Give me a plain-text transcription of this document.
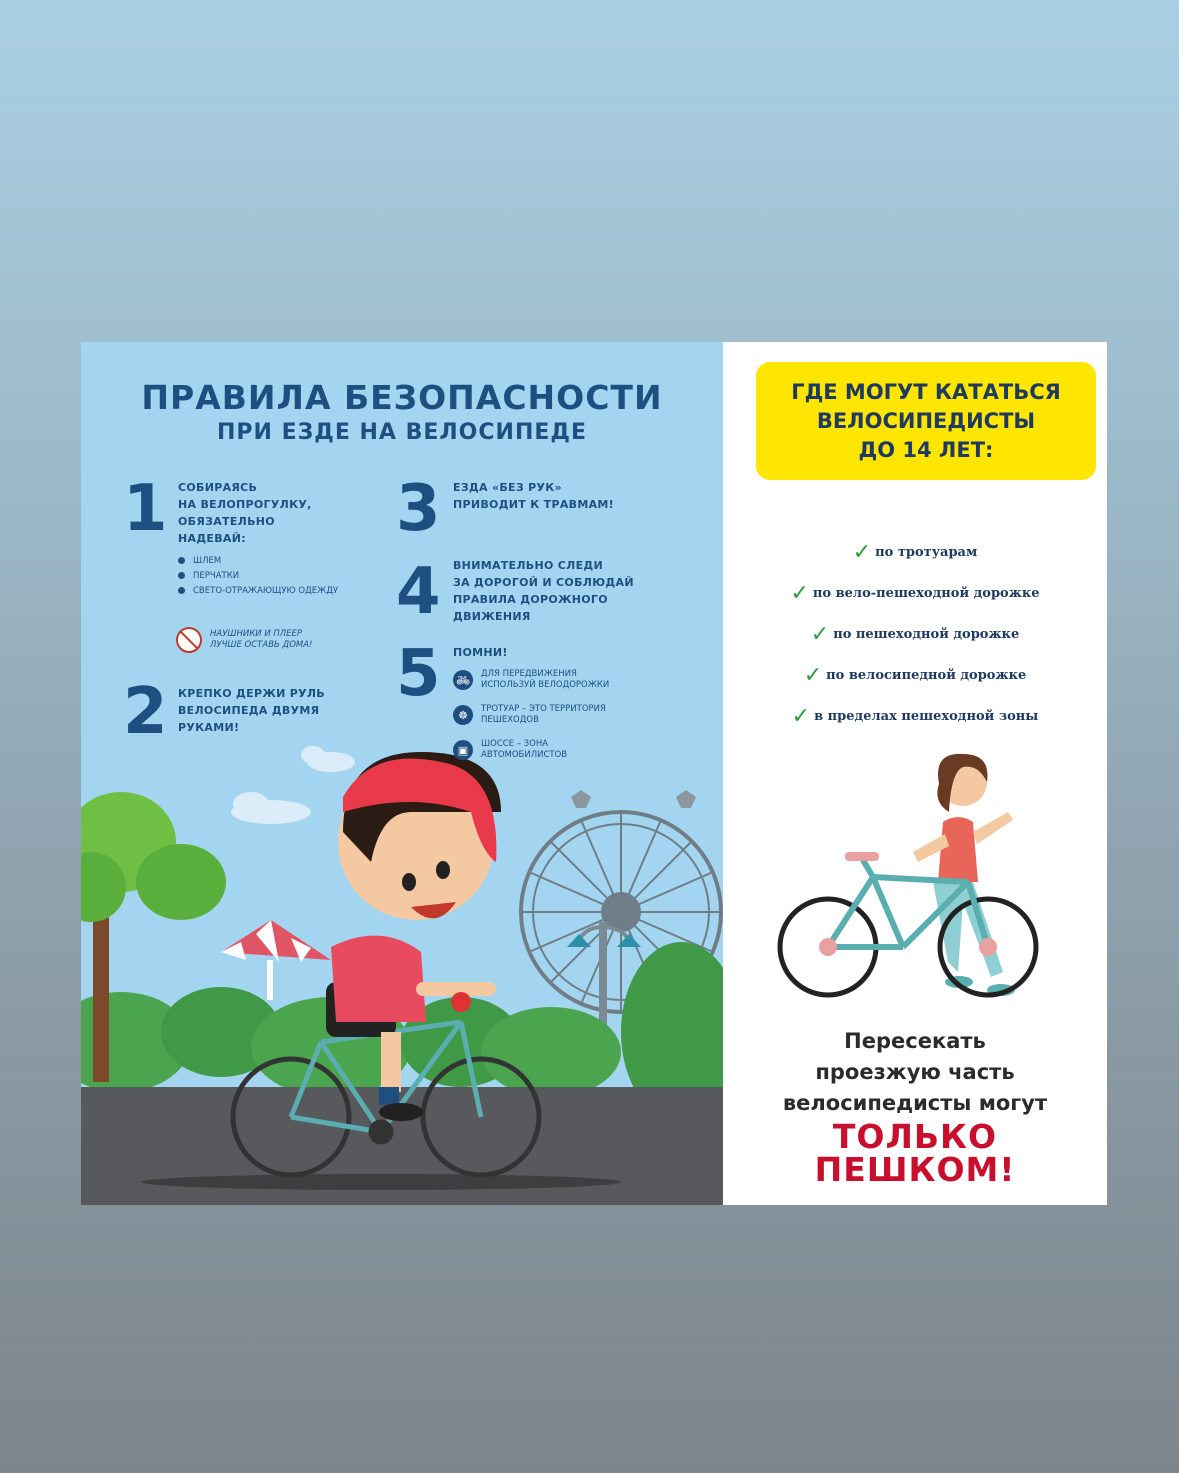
ПРАВИЛА БЕЗОПАСНОСТИ
ПРИ ЕЗДЕ НА ВЕЛОСИПЕДЕ
1 СОБИРАЯСЬ
НА ВЕЛОПРОГУЛКУ,
ОБЯЗАТЕЛЬНО
НАДЕВАЙ:
ШЛЕМ
ПЕРЧАТКИ
СВЕТО-ОТРАЖАЮЩУЮ ОДЕЖДУ
НАУШНИКИ И ПЛЕЕР
ЛУЧШЕ ОСТАВЬ ДОМА!
2 КРЕПКО ДЕРЖИ РУЛЬ
ВЕЛОСИПЕДА ДВУМЯ
РУКАМИ!
3 ЕЗДА «БЕЗ РУК»
ПРИВОДИТ К ТРАВМАМ!
4 ВНИМАТЕЛЬНО СЛЕДИ
ЗА ДОРОГОЙ И СОБЛЮДАЙ
ПРАВИЛА ДОРОЖНОГО
ДВИЖЕНИЯ
5 ПОМНИ!
🚲︎	ДЛЯ ПЕРЕДВИЖЕНИЯ
ИСПОЛЬЗУЙ ВЕЛОДОРОЖКИ
☸	ТРОТУАР – ЭТО ТЕРРИТОРИЯ
ПЕШЕХОДОВ
▣	ШОССЕ – ЗОНА
АВТОМОБИЛИСТОВ
ГДЕ МОГУТ КАТАТЬСЯ
ВЕЛОСИПЕДИСТЫ
ДО 14 ЛЕТ:
✓ по тротуарам
✓ по вело-пешеходной дорожке
✓ по пешеходной дорожке
✓ по велосипедной дорожке
✓ в пределах пешеходной зоны
Пересекать
проезжую часть
велосипедисты могут
ТОЛЬКО
ПЕШКОМ!
